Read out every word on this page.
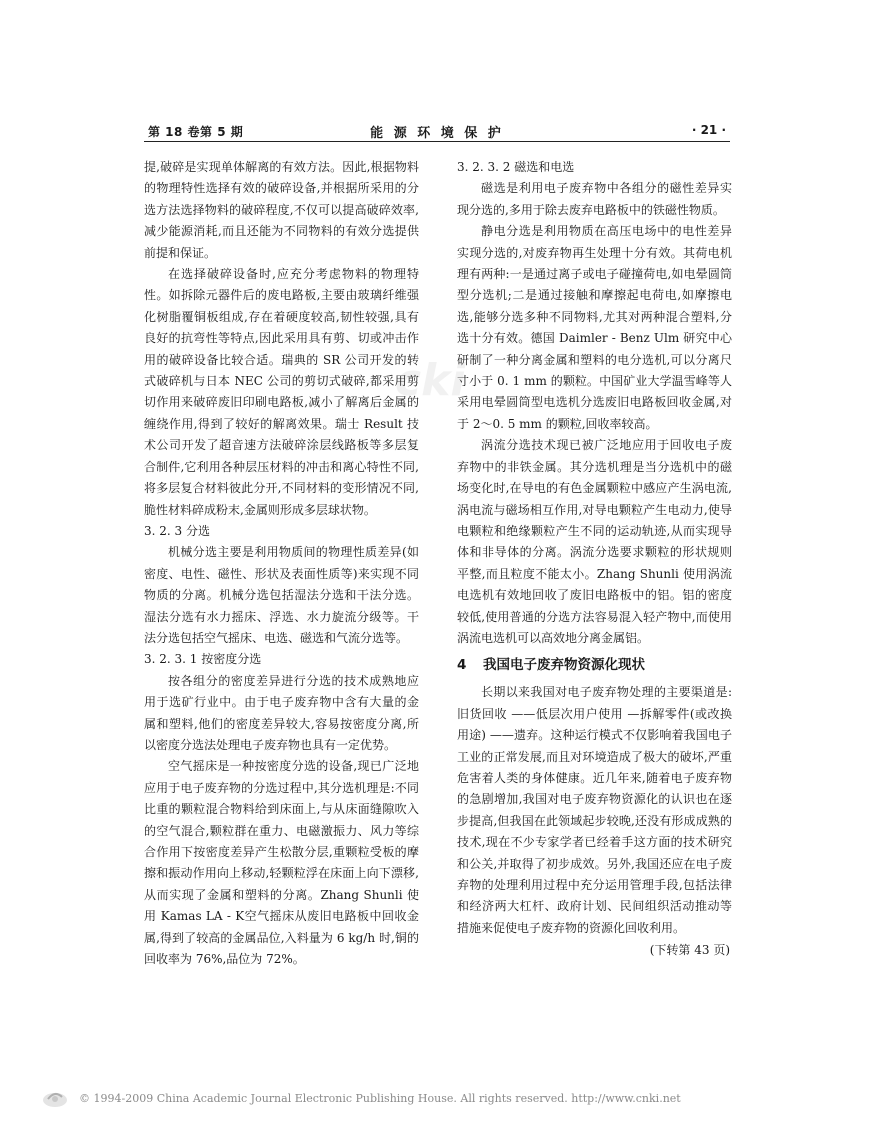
第 18 卷第 5 期	能 源 环 境 保 护	· 21 ·
cki

提,破碎是实现单体解离的有效方法。因此,根据物料的物理特性选择有效的破碎设备,并根据所采用的分选方法选择物料的破碎程度,不仅可以提高破碎效率,减少能源消耗,而且还能为不同物料的有效分选提供前提和保证。

在选择破碎设备时,应充分考虑物料的物理特性。如拆除元器件后的废电路板,主要由玻璃纤维强化树脂覆铜板组成,存在着硬度较高,韧性较强,具有良好的抗弯性等特点,因此采用具有剪、切或冲击作用的破碎设备比较合适。瑞典的 SR 公司开发的转式破碎机与日本 NEC 公司的剪切式破碎,都采用剪切作用来破碎废旧印刷电路板,减小了解离后金属的缠绕作用,得到了较好的解离效果。瑞士 Result 技术公司开发了超音速方法破碎涂层线路板等多层复合制件,它利用各种层压材料的冲击和离心特性不同,将多层复合材料彼此分开,不同材料的变形情况不同,脆性材料碎成粉末,金属则形成多层球状物。

3. 2. 3 分选

机械分选主要是利用物质间的物理性质差异(如密度、电性、磁性、形状及表面性质等)来实现不同物质的分离。机械分选包括湿法分选和干法分选。湿法分选有水力摇床、浮选、水力旋流分级等。干法分选包括空气摇床、电选、磁选和气流分选等。

3. 2. 3. 1 按密度分选

按各组分的密度差异进行分选的技术成熟地应用于选矿行业中。由于电子废弃物中含有大量的金属和塑料,他们的密度差异较大,容易按密度分离,所以密度分选法处理电子废弃物也具有一定优势。

空气摇床是一种按密度分选的设备,现已广泛地应用于电子废弃物的分选过程中,其分选机理是:不同比重的颗粒混合物料给到床面上,与从床面缝隙吹入的空气混合,颗粒群在重力、电磁激振力、风力等综合作用下按密度差异产生松散分层,重颗粒受板的摩擦和振动作用向上移动,轻颗粒浮在床面上向下漂移,从而实现了金属和塑料的分离。Zhang Shunli 使用 Kamas LA - K空气摇床从废旧电路板中回收金属,得到了较高的金属品位,入料量为 6 kg/h 时,铜的回收率为 76%,品位为 72%。

3. 2. 3. 2 磁选和电选

磁选是利用电子废弃物中各组分的磁性差异实现分选的,多用于除去废弃电路板中的铁磁性物质。

静电分选是利用物质在高压电场中的电性差异实现分选的,对废弃物再生处理十分有效。其荷电机理有两种:一是通过离子或电子碰撞荷电,如电晕圆筒型分选机;二是通过接触和摩擦起电荷电,如摩擦电选,能够分选多种不同物料,尤其对两种混合塑料,分选十分有效。德国 Daimler - Benz Ulm 研究中心研制了一种分离金属和塑料的电分选机,可以分离尺寸小于 0. 1 mm 的颗粒。中国矿业大学温雪峰等人采用电晕圆筒型电选机分选废旧电路板回收金属,对于 2～0. 5 mm 的颗粒,回收率较高。

涡流分选技术现已被广泛地应用于回收电子废弃物中的非铁金属。其分选机理是当分选机中的磁场变化时,在导电的有色金属颗粒中感应产生涡电流,涡电流与磁场相互作用,对导电颗粒产生电动力,使导电颗粒和绝缘颗粒产生不同的运动轨迹,从而实现导体和非导体的分离。涡流分选要求颗粒的形状规则平整,而且粒度不能太小。Zhang Shunli 使用涡流电选机有效地回收了废旧电路板中的铝。铝的密度较低,使用普通的分选方法容易混入轻产物中,而使用涡流电选机可以高效地分离金属铝。

4 我国电子废弃物资源化现状

长期以来我国对电子废弃物处理的主要渠道是:旧货回收 ——低层次用户使用 —拆解零件(或改换用途) ——遗弃。这种运行模式不仅影响着我国电子工业的正常发展,而且对环境造成了极大的破坏,严重危害着人类的身体健康。近几年来,随着电子废弃物的急剧增加,我国对电子废弃物资源化的认识也在逐步提高,但我国在此领域起步较晚,还没有形成成熟的技术,现在不少专家学者已经着手这方面的技术研究和公关,并取得了初步成效。另外,我国还应在电子废弃物的处理利用过程中充分运用管理手段,包括法律和经济两大杠杆、政府计划、民间组织活动推动等措施来促使电子废弃物的资源化回收利用。

(下转第 43 页)
© 1994-2009 China Academic Journal Electronic Publishing House. All rights reserved. http://www.cnki.net
